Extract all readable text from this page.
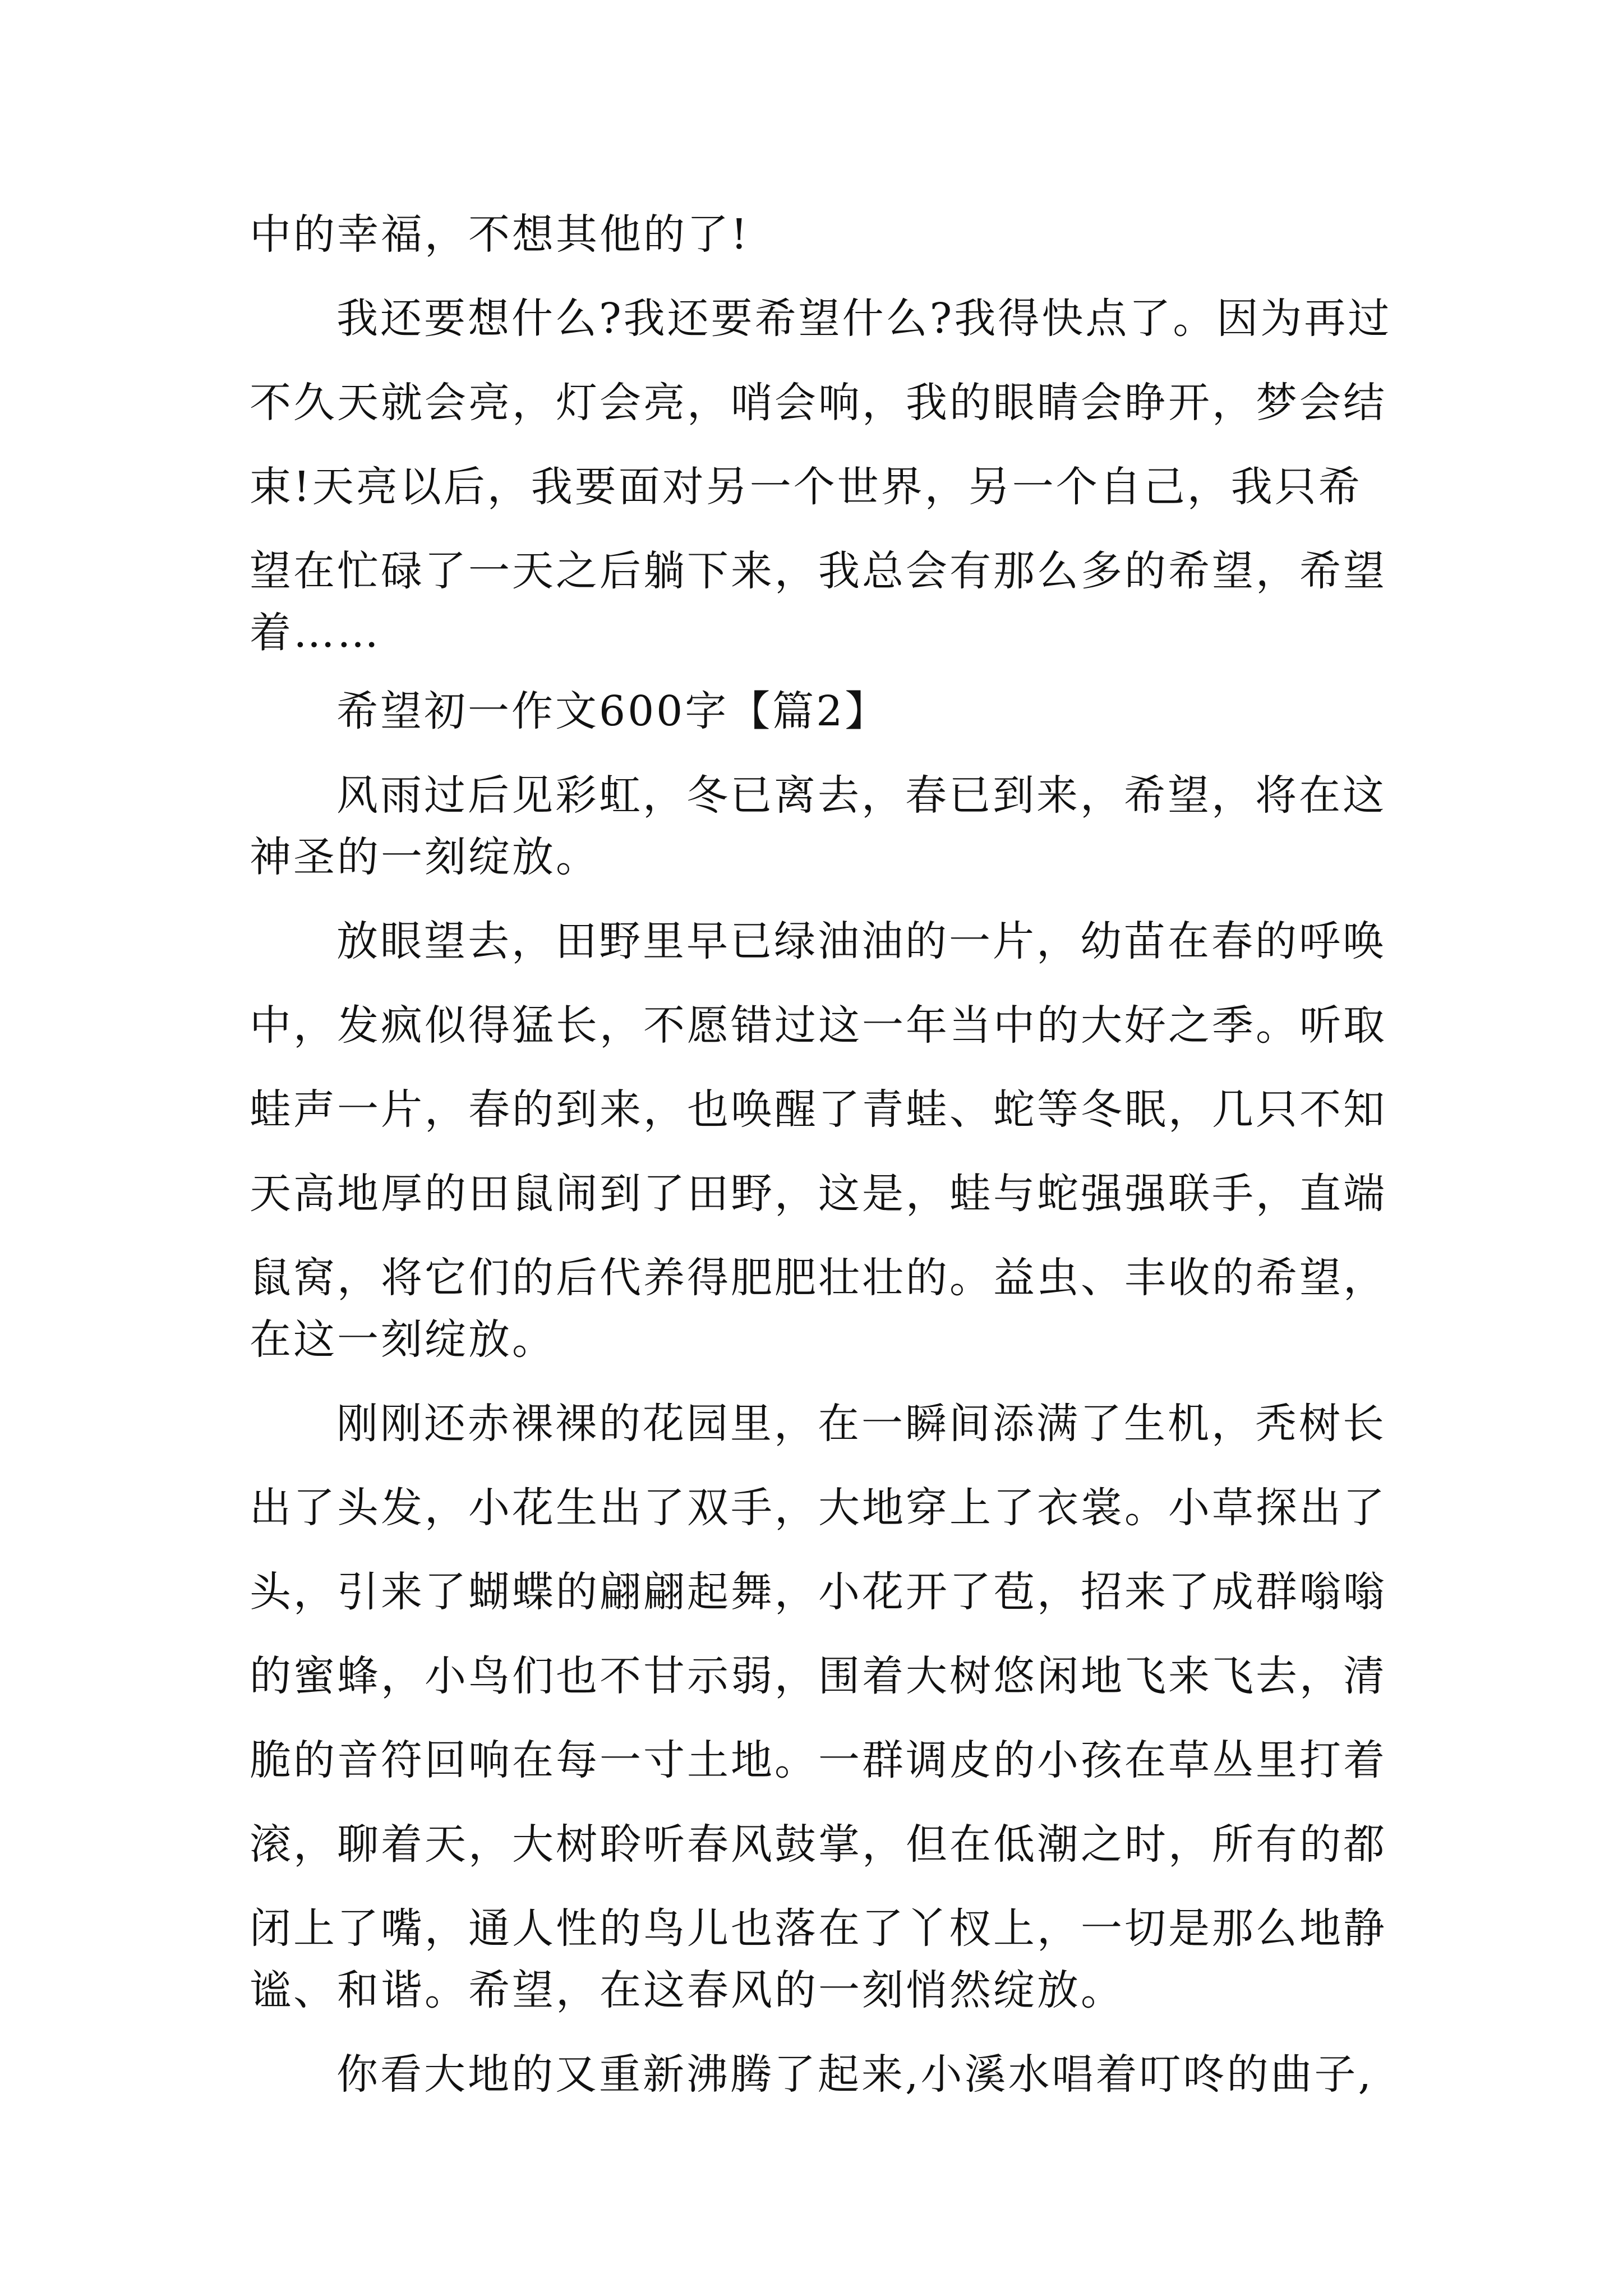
中的幸福，不想其他的了!

我还要想什么?我还要希望什么?我得快点了。因为再过

不久天就会亮，灯会亮，哨会响，我的眼睛会睁开，梦会结

束!天亮以后，我要面对另一个世界，另一个自己，我只希

望在忙碌了一天之后躺下来，我总会有那么多的希望，希望

着……

希望初一作文600字【篇2】

风雨过后见彩虹，冬已离去，春已到来，希望，将在这

神圣的一刻绽放。

放眼望去，田野里早已绿油油的一片，幼苗在春的呼唤

中，发疯似得猛长，不愿错过这一年当中的大好之季。听取

蛙声一片，春的到来，也唤醒了青蛙、蛇等冬眠，几只不知

天高地厚的田鼠闹到了田野，这是，蛙与蛇强强联手，直端

鼠窝，将它们的后代养得肥肥壮壮的。益虫、丰收的希望，

在这一刻绽放。

刚刚还赤裸裸的花园里，在一瞬间添满了生机，秃树长

出了头发，小花生出了双手，大地穿上了衣裳。小草探出了

头，引来了蝴蝶的翩翩起舞，小花开了苞，招来了成群嗡嗡

的蜜蜂，小鸟们也不甘示弱，围着大树悠闲地飞来飞去，清

脆的音符回响在每一寸土地。一群调皮的小孩在草丛里打着

滚，聊着天，大树聆听春风鼓掌，但在低潮之时，所有的都

闭上了嘴，通人性的鸟儿也落在了丫杈上，一切是那么地静

谧、和谐。希望，在这春风的一刻悄然绽放。

你看大地的又重新沸腾了起来,小溪水唱着叮咚的曲子,
